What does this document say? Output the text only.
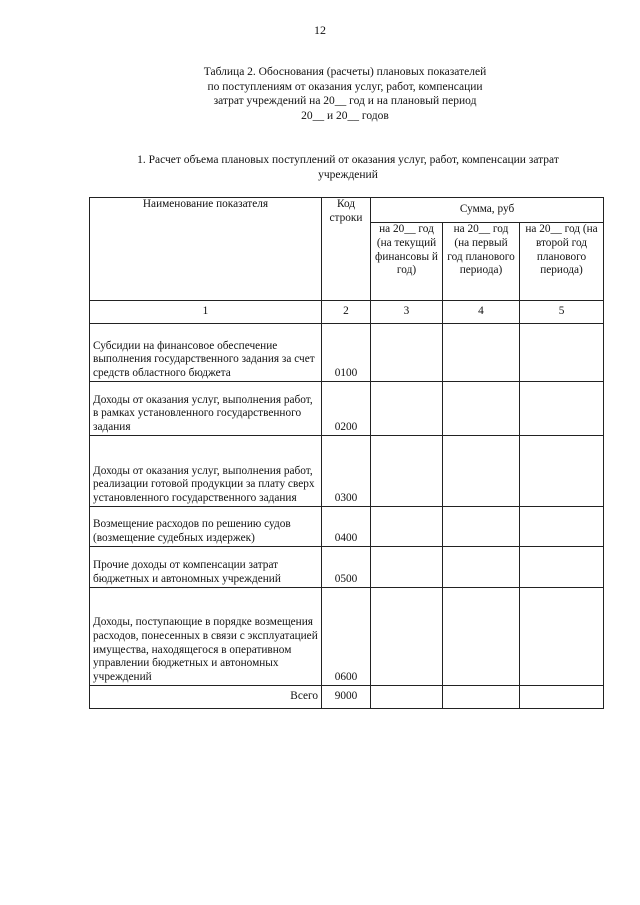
12
Таблица 2. Обоснования (расчеты) плановых показателей
по поступлениям от оказания услуг, работ, компенсации
затрат учреждений на 20__ год и на плановый период
20__ и 20__ годов
1. Расчет объема плановых поступлений от оказания услуг, работ, компенсации затрат
учреждений
Наименование показателя	Код строки	Сумма, руб		
		на 20__ год (на текущий финансовы й год)	на 20__ год (на первый год планового периода)	на 20__ год (на второй год планового периода)
1	2	3	4	5
Субсидии на финансовое обеспечение выполнения государственного задания за счет средств областного бюджета	0100			
Доходы от оказания услуг, выполнения работ, в рамках установленного государственного задания	0200			
Доходы от оказания услуг, выполнения работ, реализации готовой продукции за плату сверх установленного государственного задания	0300			
Возмещение расходов по решению судов (возмещение судебных издержек)	0400			
Прочие доходы от компенсации затрат бюджетных и автономных учреждений	0500			
Доходы, поступающие в порядке возмещения расходов, понесенных в связи с эксплуатацией имущества, находящегося в оперативном управлении бюджетных и автономных учреждений	0600			
Всего	9000			
